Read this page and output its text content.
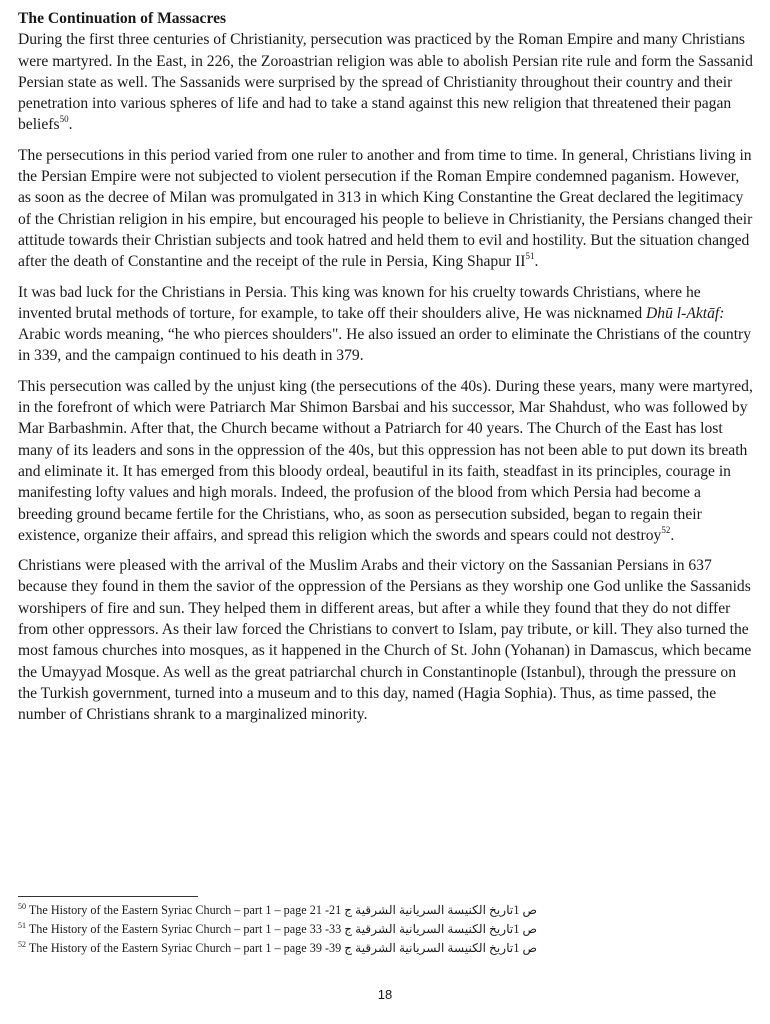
The Continuation of Massacres

During the first three centuries of Christianity, persecution was practiced by the Roman Empire and many Christians were martyred. In the East, in 226, the Zoroastrian religion was able to abolish Persian rite rule and form the Sassanid Persian state as well. The Sassanids were surprised by the spread of Christianity throughout their country and their penetration into various spheres of life and had to take a stand against this new religion that threatened their pagan beliefs$^{50}$.

The persecutions in this period varied from one ruler to another and from time to time. In general, Christians living in the Persian Empire were not subjected to violent persecution if the Roman Empire condemned paganism. However, as soon as the decree of Milan was promulgated in 313 in which King Constantine the Great declared the legitimacy of the Christian religion in his empire, but encouraged his people to believe in Christianity, the Persians changed their attitude towards their Christian subjects and took hatred and held them to evil and hostility. But the situation changed after the death of Constantine and the receipt of the rule in Persia, King Shapur II$^{51}$.

It was bad luck for the Christians in Persia. This king was known for his cruelty towards Christians, where he invented brutal methods of torture, for example, to take off their shoulders alive, He was nicknamed Dhū l-Aktāf: Arabic words meaning, “he who pierces shoulders". He also issued an order to eliminate the Christians of the country in 339, and the campaign continued to his death in 379.

This persecution was called by the unjust king (the persecutions of the 40s). During these years, many were martyred, in the forefront of which were Patriarch Mar Shimon Barsbai and his successor, Mar Shahdust, who was followed by Mar Barbashmin. After that, the Church became without a Patriarch for 40 years. The Church of the East has lost many of its leaders and sons in the oppression of the 40s, but this oppression has not been able to put down its breath and eliminate it. It has emerged from this bloody ordeal, beautiful in its faith, steadfast in its principles, courage in manifesting lofty values and high morals. Indeed, the profusion of the blood from which Persia had become a breeding ground became fertile for the Christians, who, as soon as persecution subsided, began to regain their existence, organize their affairs, and spread this religion which the swords and spears could not destroy$^{52}$.

Christians were pleased with the arrival of the Muslim Arabs and their victory on the Sassanian Persians in 637 because they found in them the savior of the oppression of the Persians as they worship one God unlike the Sassanids worshipers of fire and sun. They helped them in different areas, but after a while they found that they do not differ from other oppressors. As their law forced the Christians to convert to Islam, pay tribute, or kill. They also turned the most famous churches into mosques, as it happened in the Church of St. John (Yohanan) in Damascus, which became the Umayyad Mosque. As well as the great patriarchal church in Constantinople (Istanbul), through the pressure on the Turkish government, turned into a museum and to this day, named (Hagia Sophia). Thus, as time passed, the number of Christians shrank to a marginalized minority.

$^{50}$ The History of the Eastern Syriac Church – part 1 – page 21 -21 ص 1تاريخ الكنيسة السريانية الشرقية ج
$^{51}$ The History of the Eastern Syriac Church – part 1 – page 33 -33 ص 1تاريخ الكنيسة السريانية الشرقية ج
$^{52}$ The History of the Eastern Syriac Church – part 1 – page 39 -39 ص 1تاريخ الكنيسة السريانية الشرقية ج
18
